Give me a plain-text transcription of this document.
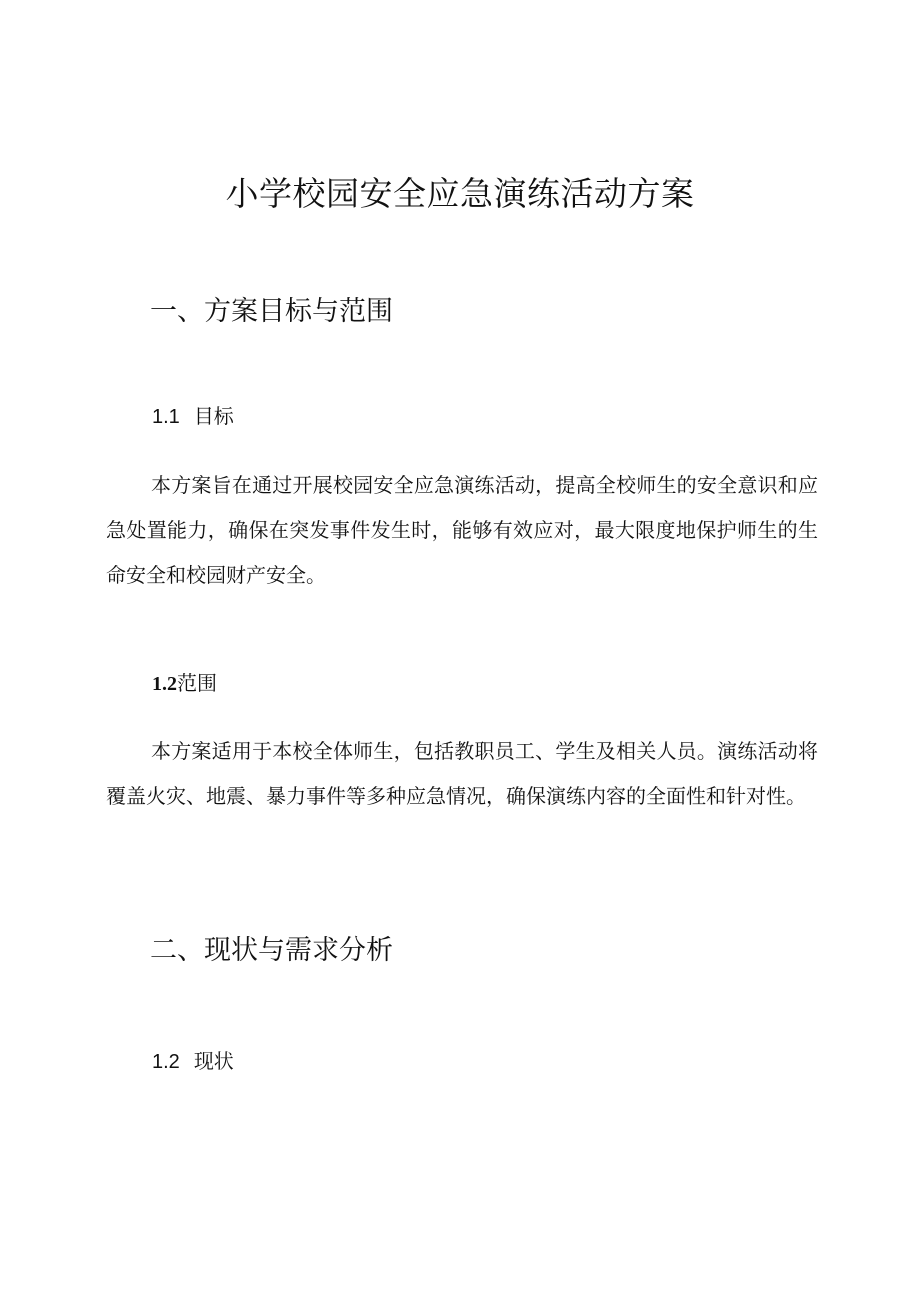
小学校园安全应急演练活动方案
一、方案目标与范围
1.1 目标

本方案旨在通过开展校园安全应急演练活动，提高全校师生的安全意识和应急处置能力，确保在突发事件发生时，能够有效应对，最大限度地保护师生的生命安全和校园财产安全。

1.2范围

本方案适用于本校全体师生，包括教职员工、学生及相关人员。演练活动将覆盖火灾、地震、暴力事件等多种应急情况，确保演练内容的全面性和针对性。

二、现状与需求分析
1.2 现状
